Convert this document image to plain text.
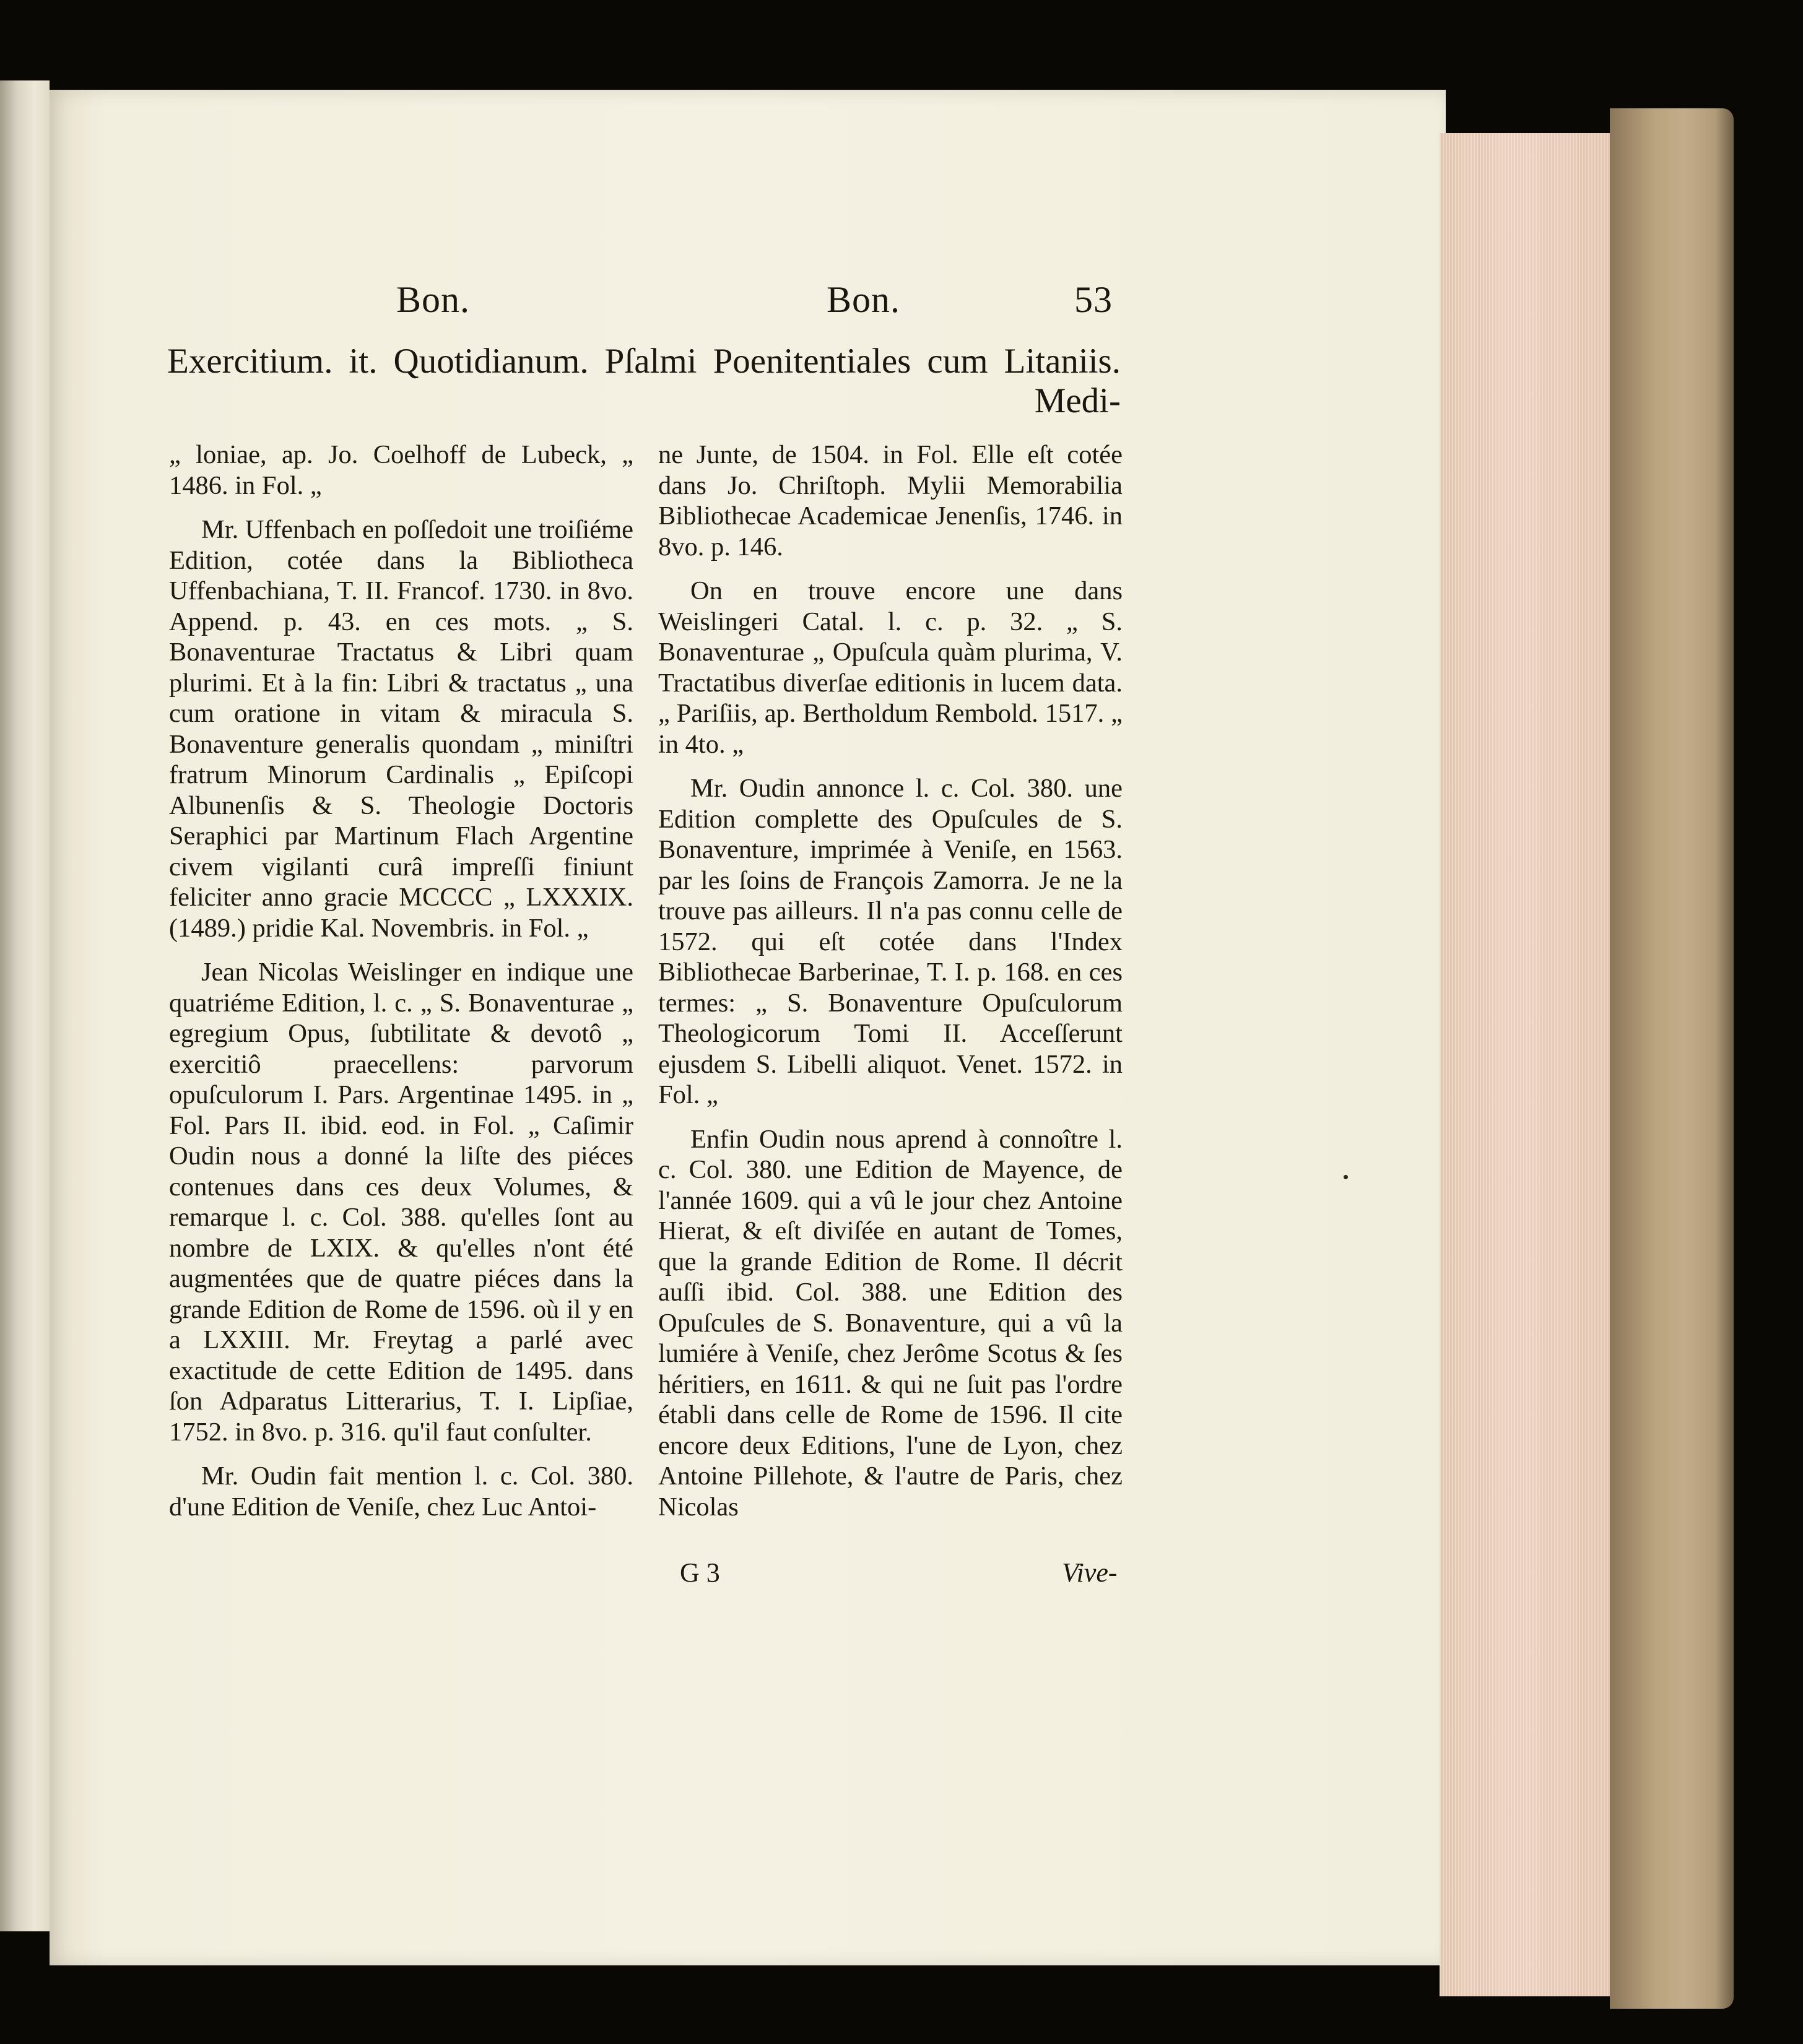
Bon.	Bon.	53
Exercitium. it. Quotidianum. Pſalmi Poenitentiales cum Litaniis.
Medi-

„ loniae, ap. Jo. Coelhoff de Lubeck, „ 1486. in Fol. „

Mr. Uffenbach en poſſedoit une troiſiéme Edition, cotée dans la Bibliotheca Uffenbachiana, T. II. Francof. 1730. in 8vo. Append. p. 43. en ces mots. „ S. Bonaventurae Tractatus & Libri quam plurimi. Et à la fin: Libri & tractatus „ una cum oratione in vitam & miracula S. Bonaventure generalis quondam „ miniſtri fratrum Minorum Cardinalis „ Epiſcopi Albunenſis & S. Theologie Doctoris Seraphici par Martinum Flach Argentine civem vigilanti curâ impreſſi finiunt feliciter anno gracie MCCCC „ LXXXIX. (1489.) pridie Kal. Novembris. in Fol. „

Jean Nicolas Weislinger en indique une quatriéme Edition, l. c. „ S. Bonaventurae „ egregium Opus, ſubtilitate & devotô „ exercitiô praecellens: parvorum opuſculorum I. Pars. Argentinae 1495. in „ Fol. Pars II. ibid. eod. in Fol. „ Caſimir Oudin nous a donné la liſte des piéces contenues dans ces deux Volumes, & remarque l. c. Col. 388. qu'elles ſont au nombre de LXIX. & qu'elles n'ont été augmentées que de quatre piéces dans la grande Edition de Rome de 1596. où il y en a LXXIII. Mr. Freytag a parlé avec exactitude de cette Edition de 1495. dans ſon Adparatus Litterarius, T. I. Lipſiae, 1752. in 8vo. p. 316. qu'il faut conſulter.

Mr. Oudin fait mention l. c. Col. 380. d'une Edition de Veniſe, chez Luc Antoi-

ne Junte, de 1504. in Fol. Elle eſt cotée dans Jo. Chriſtoph. Mylii Memorabilia Bibliothecae Academicae Jenenſis, 1746. in 8vo. p. 146.

On en trouve encore une dans Weislingeri Catal. l. c. p. 32. „ S. Bonaventurae „ Opuſcula quàm plurima, V. Tractatibus diverſae editionis in lucem data. „ Pariſiis, ap. Bertholdum Rembold. 1517. „ in 4to. „

Mr. Oudin annonce l. c. Col. 380. une Edition complette des Opuſcules de S. Bonaventure, imprimée à Veniſe, en 1563. par les ſoins de François Zamorra. Je ne la trouve pas ailleurs. Il n'a pas connu celle de 1572. qui eſt cotée dans l'Index Bibliothecae Barberinae, T. I. p. 168. en ces termes: „ S. Bonaventure Opuſculorum Theologicorum Tomi II. Acceſſerunt ejusdem S. Libelli aliquot. Venet. 1572. in Fol. „

Enfin Oudin nous aprend à connoître l. c. Col. 380. une Edition de Mayence, de l'année 1609. qui a vû le jour chez Antoine Hierat, & eſt diviſée en autant de Tomes, que la grande Edition de Rome. Il décrit auſſi ibid. Col. 388. une Edition des Opuſcules de S. Bonaventure, qui a vû la lumiére à Veniſe, chez Jerôme Scotus & ſes héritiers, en 1611. & qui ne ſuit pas l'ordre établi dans celle de Rome de 1596. Il cite encore deux Editions, l'une de Lyon, chez Antoine Pillehote, & l'autre de Paris, chez Nicolas

G 3	Vive-
